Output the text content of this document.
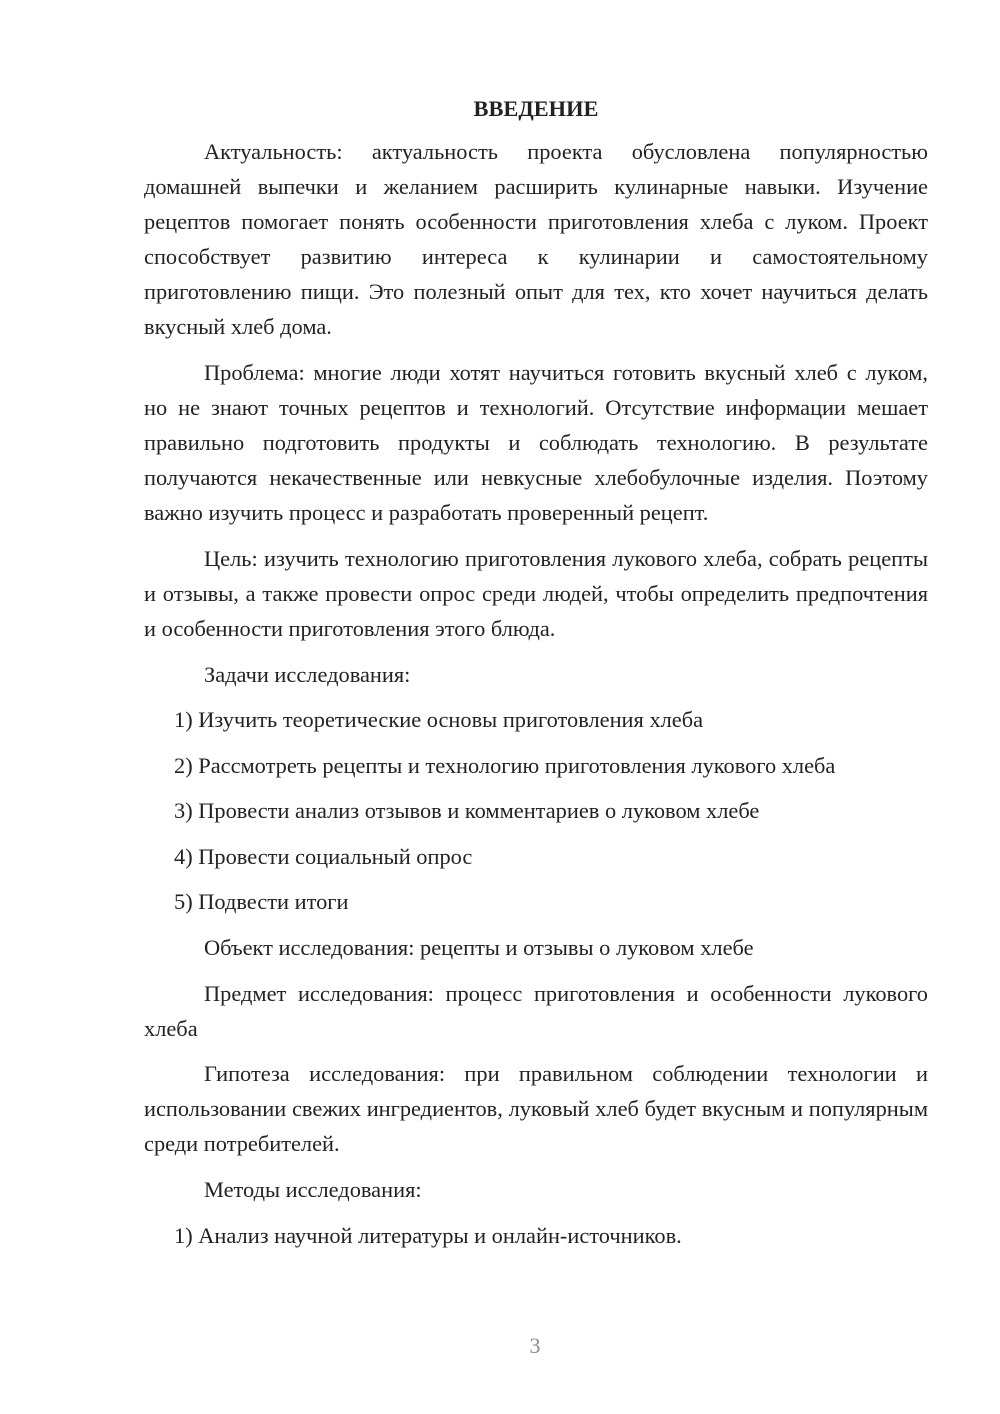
ВВЕДЕНИЕ

Актуальность: актуальность проекта обусловлена популярностью домашней выпечки и желанием расширить кулинарные навыки. Изучение рецептов помогает понять особенности приготовления хлеба с луком. Проект способствует развитию интереса к кулинарии и самостоятельному приготовлению пищи. Это полезный опыт для тех, кто хочет научиться делать вкусный хлеб дома.

Проблема: многие люди хотят научиться готовить вкусный хлеб с луком, но не знают точных рецептов и технологий. Отсутствие информации мешает правильно подготовить продукты и соблюдать технологию. В результате получаются некачественные или невкусные хлебобулочные изделия. Поэтому важно изучить процесс и разработать проверенный рецепт.

Цель: изучить технологию приготовления лукового хлеба, собрать рецепты и отзывы, а также провести опрос среди людей, чтобы определить предпочтения и особенности приготовления этого блюда.

Задачи исследования:

1) Изучить теоретические основы приготовления хлеба
2) Рассмотреть рецепты и технологию приготовления лукового хлеба
3) Провести анализ отзывов и комментариев о луковом хлебе
4) Провести социальный опрос
5) Подвести итоги

Объект исследования: рецепты и отзывы о луковом хлебе

Предмет исследования: процесс приготовления и особенности лукового хлеба

Гипотеза исследования: при правильном соблюдении технологии и использовании свежих ингредиентов, луковый хлеб будет вкусным и популярным среди потребителей.

Методы исследования:

1) Анализ научной литературы и онлайн-источников.
3
